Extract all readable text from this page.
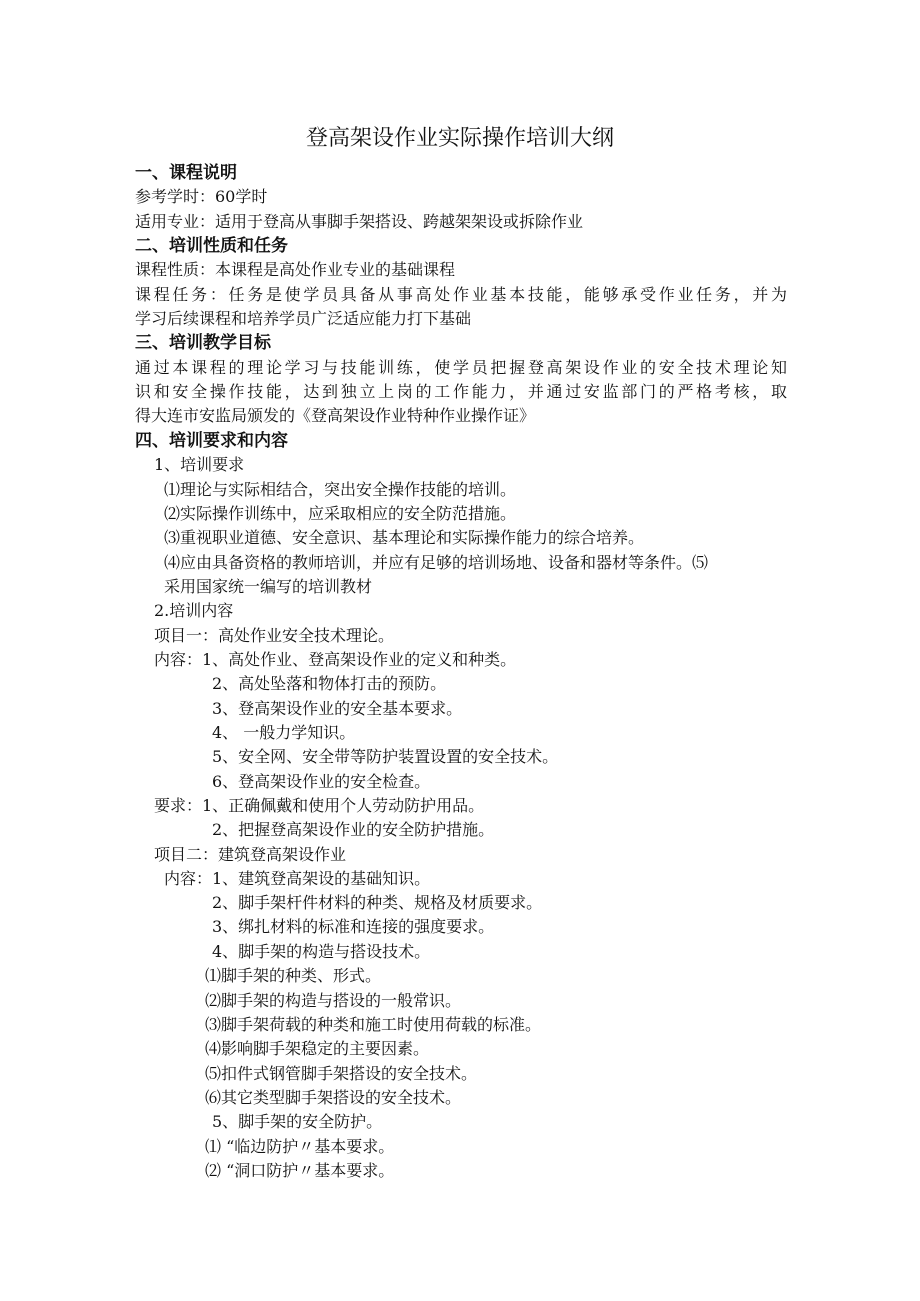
登高架设作业实际操作培训大纲
一、课程说明
参考学时：60学时
适用专业：适用于登高从事脚手架搭设、跨越架架设或拆除作业
二、培训性质和任务
课程性质：本课程是高处作业专业的基础课程
课程任务：任务是使学员具备从事高处作业基本技能，能够承受作业任务，并为
学习后续课程和培养学员广泛适应能力打下基础
三、培训教学目标
通过本课程的理论学习与技能训练，使学员把握登高架设作业的安全技术理论知
识和安全操作技能，达到独立上岗的工作能力，并通过安监部门的严格考核，取
得大连市安监局颁发的《登高架设作业特种作业操作证》
四、培训要求和内容
1、培训要求
⑴理论与实际相结合，突出安全操作技能的培训。
⑵实际操作训练中，应采取相应的安全防范措施。
⑶重视职业道德、安全意识、基本理论和实际操作能力的综合培养。
⑷应由具备资格的教师培训，并应有足够的培训场地、设备和器材等条件。⑸
采用国家统一编写的培训教材
2.培训内容
项目一：高处作业安全技术理论。
内容：1、高处作业、登高架设作业的定义和种类。
2、高处坠落和物体打击的预防。
3、登高架设作业的安全基本要求。
4、 一般力学知识。
5、安全网、安全带等防护装置设置的安全技术。
6、登高架设作业的安全检查。
要求：1、正确佩戴和使用个人劳动防护用品。
2、把握登高架设作业的安全防护措施。
项目二：建筑登高架设作业
内容：1、建筑登高架设的基础知识。
2、脚手架杆件材料的种类、规格及材质要求。
3、绑扎材料的标准和连接的强度要求。
4、脚手架的构造与搭设技术。
⑴脚手架的种类、形式。
⑵脚手架的构造与搭设的一般常识。
⑶脚手架荷载的种类和施工时使用荷载的标准。
⑷影响脚手架稳定的主要因素。
⑸扣件式钢管脚手架搭设的安全技术。
⑹其它类型脚手架搭设的安全技术。
5、脚手架的安全防护。
⑴ “临边防护〃基本要求。
⑵ “洞口防护〃基本要求。
